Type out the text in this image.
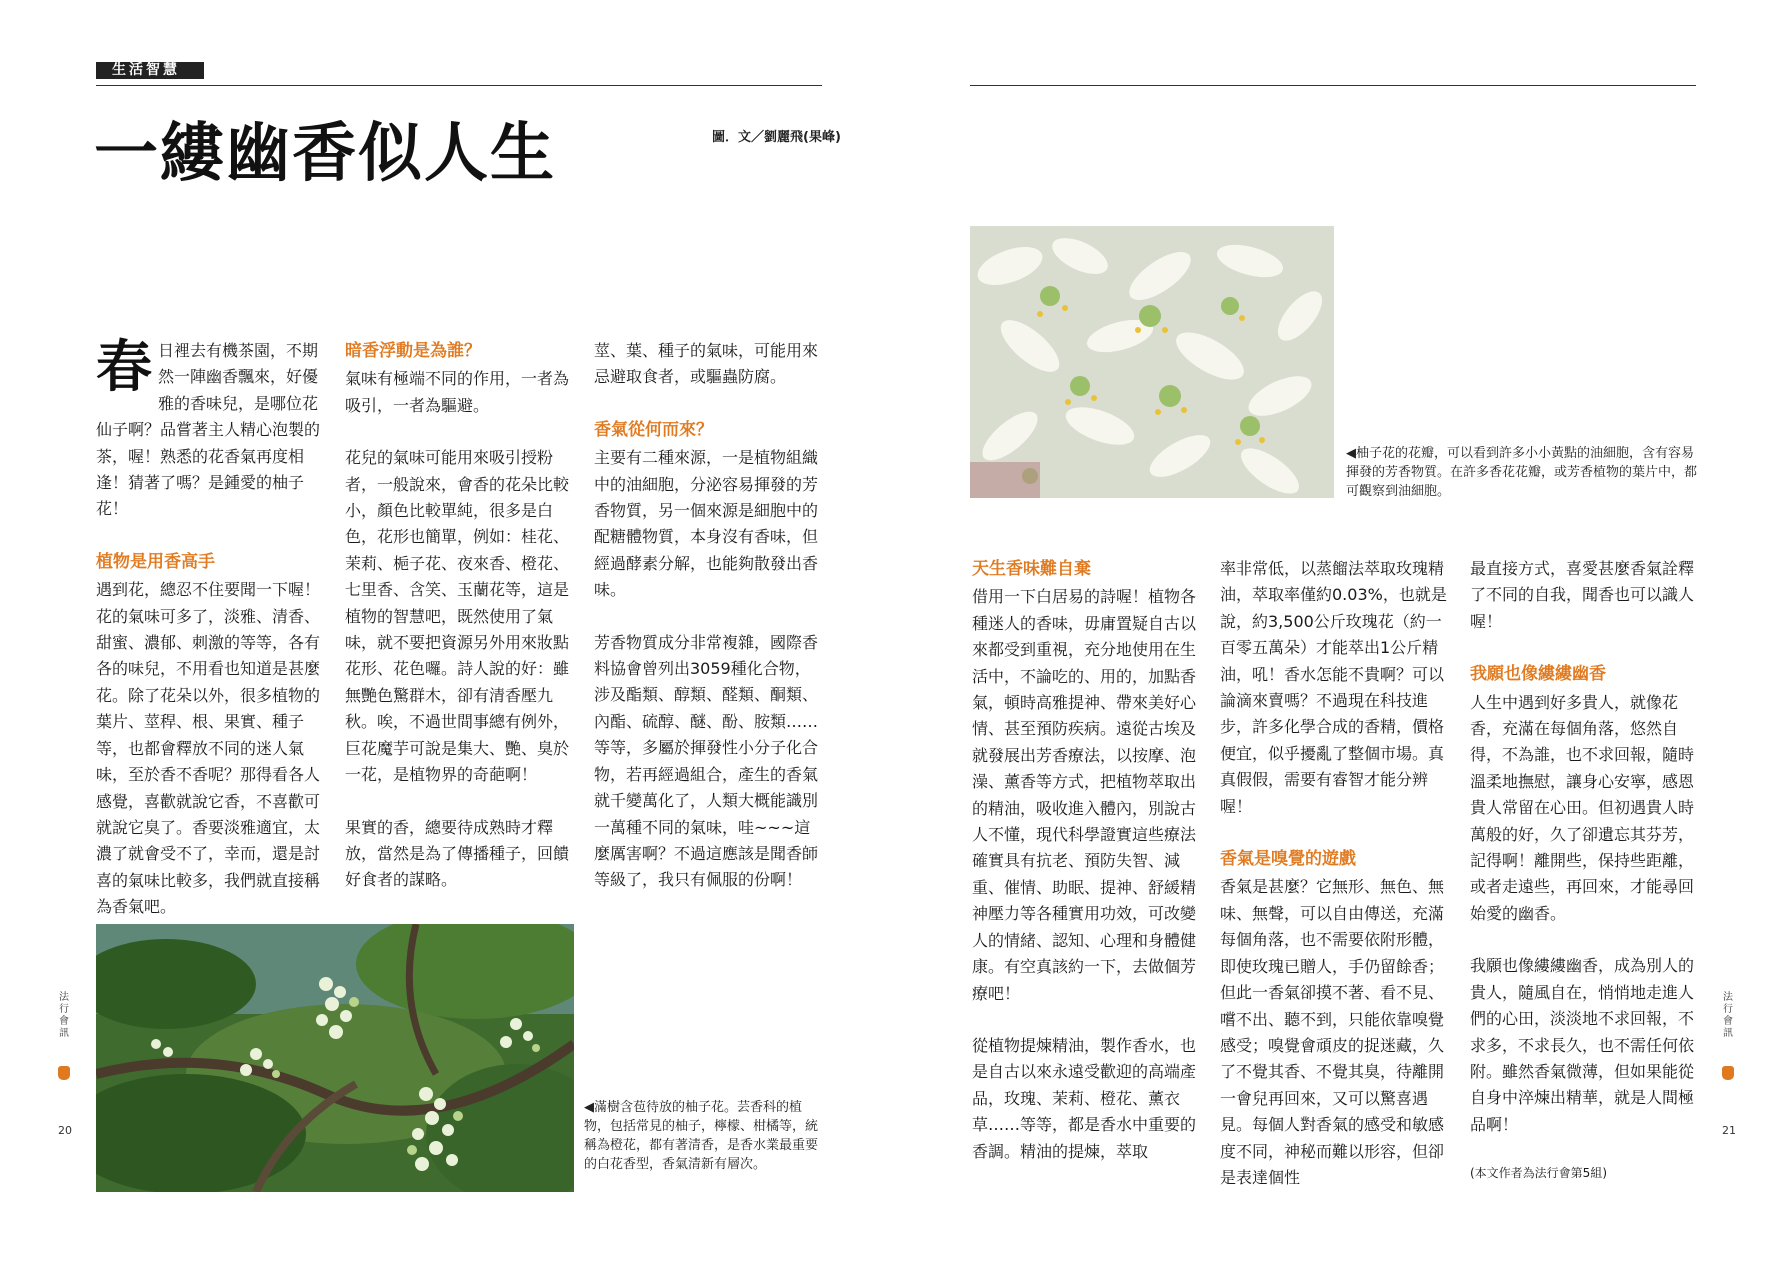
生活智慧
一縷幽香似人生	圖．文／劉麗飛(果峰)

春日裡去有機茶園，不期然一陣幽香飄來，好優雅的香味兒，是哪位花仙子啊？品嘗著主人精心泡製的茶，喔！熟悉的花香氣再度相逢！猜著了嗎？是鍾愛的柚子花！

植物是用香高手

遇到花，總忍不住要聞一下喔！花的氣味可多了，淡雅、清香、甜蜜、濃郁、刺激的等等，各有各的味兒，不用看也知道是甚麼花。除了花朵以外，很多植物的葉片、莖稈、根、果實、種子等，也都會釋放不同的迷人氣味，至於香不香呢？那得看各人感覺，喜歡就說它香，不喜歡可就說它臭了。香要淡雅適宜，太濃了就會受不了，幸而，還是討喜的氣味比較多，我們就直接稱為香氣吧。

暗香浮動是為誰？

氣味有極端不同的作用，一者為吸引，一者為驅避。

花兒的氣味可能用來吸引授粉者，一般說來，會香的花朵比較小，顏色比較單純，很多是白色，花形也簡單，例如：桂花、茉莉、梔子花、夜來香、橙花、七里香、含笑、玉蘭花等，這是植物的智慧吧，既然使用了氣味，就不要把資源另外用來妝點花形、花色囉。詩人說的好：雖無艷色驚群木，卻有清香壓九秋。唉，不過世間事總有例外，巨花魔芋可說是集大、艷、臭於一花，是植物界的奇葩啊！

果實的香，總要待成熟時才釋放，當然是為了傳播種子，回饋好食者的謀略。

莖、葉、種子的氣味，可能用來忌避取食者，或驅蟲防腐。

香氣從何而來？

主要有二種來源，一是植物組織中的油細胞，分泌容易揮發的芳香物質，另一個來源是細胞中的配糖體物質，本身沒有香味，但經過酵素分解，也能夠散發出香味。

芳香物質成分非常複雜，國際香料協會曾列出3059種化合物，涉及酯類、醇類、醛類、酮類、內酯、硫醇、醚、酚、胺類……等等，多屬於揮發性小分子化合物，若再經過組合，產生的香氣就千變萬化了，人類大概能識別一萬種不同的氣味，哇~~~這麼厲害啊？不過這應該是聞香師等級了，我只有佩服的份啊！

◀滿樹含苞待放的柚子花。芸香科的植物，包括常見的柚子，檸檬、柑橘等，統稱為橙花，都有著清香，是香水業最重要的白花香型，香氣清新有層次。
法行會訊
20
◀柚子花的花瓣，可以看到許多小小黃點的油細胞，含有容易揮發的芳香物質。在許多香花花瓣，或芳香植物的葉片中，都可觀察到油細胞。

天生香味難自棄

借用一下白居易的詩喔！植物各種迷人的香味，毋庸置疑自古以來都受到重視，充分地使用在生活中，不論吃的、用的，加點香氣，頓時高雅提神、帶來美好心情、甚至預防疾病。遠從古埃及就發展出芳香療法，以按摩、泡澡、薰香等方式，把植物萃取出的精油，吸收進入體內，別說古人不懂，現代科學證實這些療法確實具有抗老、預防失智、減重、催情、助眠、提神、舒緩精神壓力等各種實用功效，可改變人的情緒、認知、心理和身體健康。有空真該約一下，去做個芳療吧！

從植物提煉精油，製作香水，也是自古以來永遠受歡迎的高端產品，玫瑰、茉莉、橙花、薰衣草……等等，都是香水中重要的香調。精油的提煉，萃取

率非常低，以蒸餾法萃取玫瑰精油，萃取率僅約0.03%，也就是說，約3,500公斤玫瑰花（約一百零五萬朵）才能萃出1公斤精油，吼！香水怎能不貴啊？可以論滴來賣嗎？不過現在科技進步，許多化學合成的香精，價格便宜，似乎擾亂了整個市場。真真假假，需要有睿智才能分辨喔！

香氣是嗅覺的遊戲

香氣是甚麼？它無形、無色、無味、無聲，可以自由傳送，充滿每個角落，也不需要依附形體，即使玫瑰已贈人，手仍留餘香；但此一香氣卻摸不著、看不見、嚐不出、聽不到，只能依靠嗅覺感受；嗅覺會頑皮的捉迷藏，久了不覺其香、不覺其臭，待離開一會兒再回來，又可以驚喜遇見。每個人對香氣的感受和敏感度不同，神秘而難以形容，但卻是表達個性

最直接方式，喜愛甚麼香氣詮釋了不同的自我，聞香也可以識人喔！

我願也像縷縷幽香

人生中遇到好多貴人，就像花香，充滿在每個角落，悠然自得，不為誰，也不求回報，隨時溫柔地撫慰，讓身心安寧，感恩貴人常留在心田。但初遇貴人時萬般的好，久了卻遺忘其芬芳，記得啊！離開些，保持些距離，或者走遠些，再回來，才能尋回始愛的幽香。

我願也像縷縷幽香，成為別人的貴人，隨風自在，悄悄地走進人們的心田，淡淡地不求回報，不求多，不求長久，也不需任何依附。雖然香氣微薄，但如果能從自身中淬煉出精華，就是人間極品啊！

(本文作者為法行會第5組)

法行會訊
21
